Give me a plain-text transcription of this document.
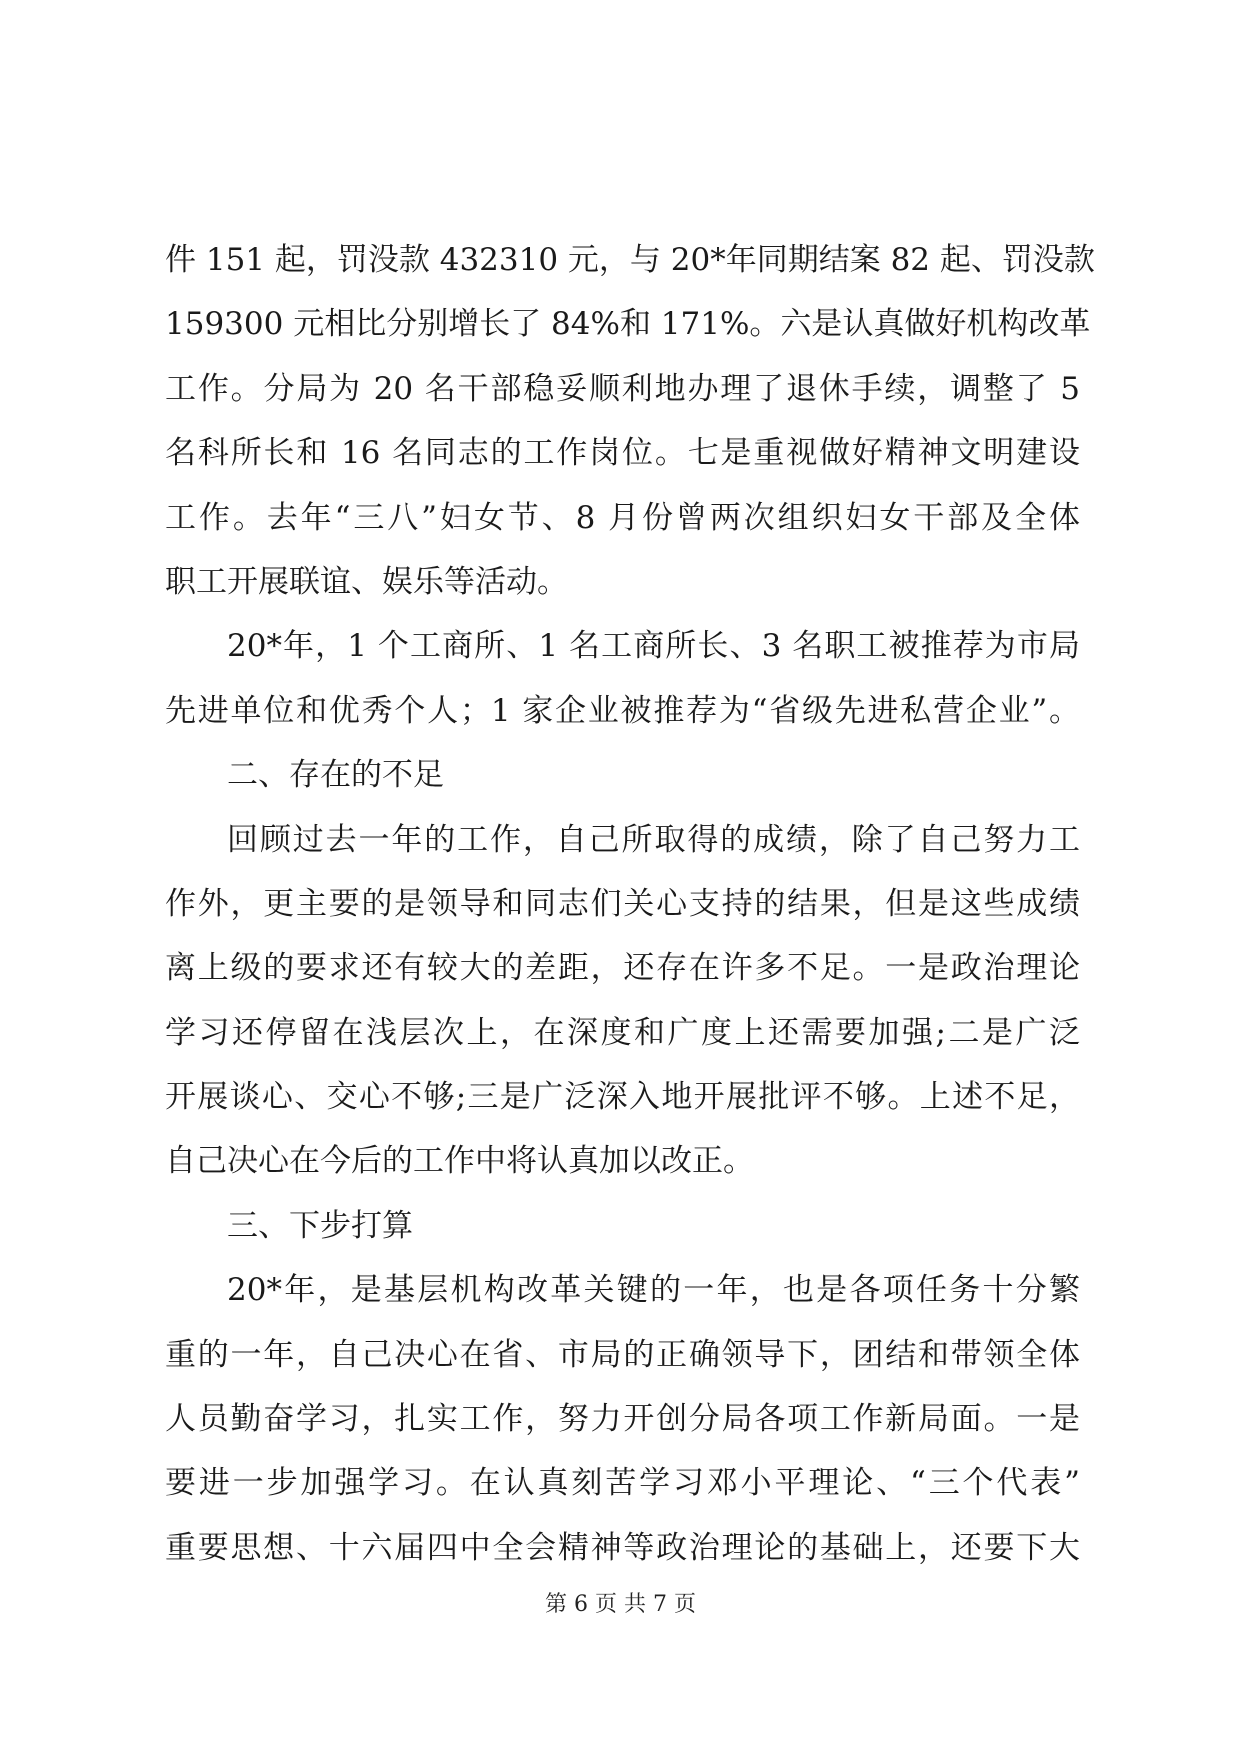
件 151 起，罚没款 432310 元，与 20*年同期结案 82 起、罚没款
159300 元相比分别增长了 84%和 171%。六是认真做好机构改革
工作。分局为 20 名干部稳妥顺利地办理了退休手续，调整了 5
名科所长和 16 名同志的工作岗位。七是重视做好精神文明建设
工作。去年“三八”妇女节、8 月份曾两次组织妇女干部及全体
职工开展联谊、娱乐等活动。
20*年，1 个工商所、1 名工商所长、3 名职工被推荐为市局
先进单位和优秀个人；1 家企业被推荐为“省级先进私营企业”。
二、存在的不足
回顾过去一年的工作，自己所取得的成绩，除了自己努力工
作外，更主要的是领导和同志们关心支持的结果，但是这些成绩
离上级的要求还有较大的差距，还存在许多不足。一是政治理论
学习还停留在浅层次上，在深度和广度上还需要加强;二是广泛
开展谈心、交心不够;三是广泛深入地开展批评不够。上述不足，
自己决心在今后的工作中将认真加以改正。
三、下步打算
20*年，是基层机构改革关键的一年，也是各项任务十分繁
重的一年，自己决心在省、市局的正确领导下，团结和带领全体
人员勤奋学习，扎实工作，努力开创分局各项工作新局面。一是
要进一步加强学习。在认真刻苦学习邓小平理论、“三个代表”
重要思想、十六届四中全会精神等政治理论的基础上，还要下大
第 6 页 共 7 页
